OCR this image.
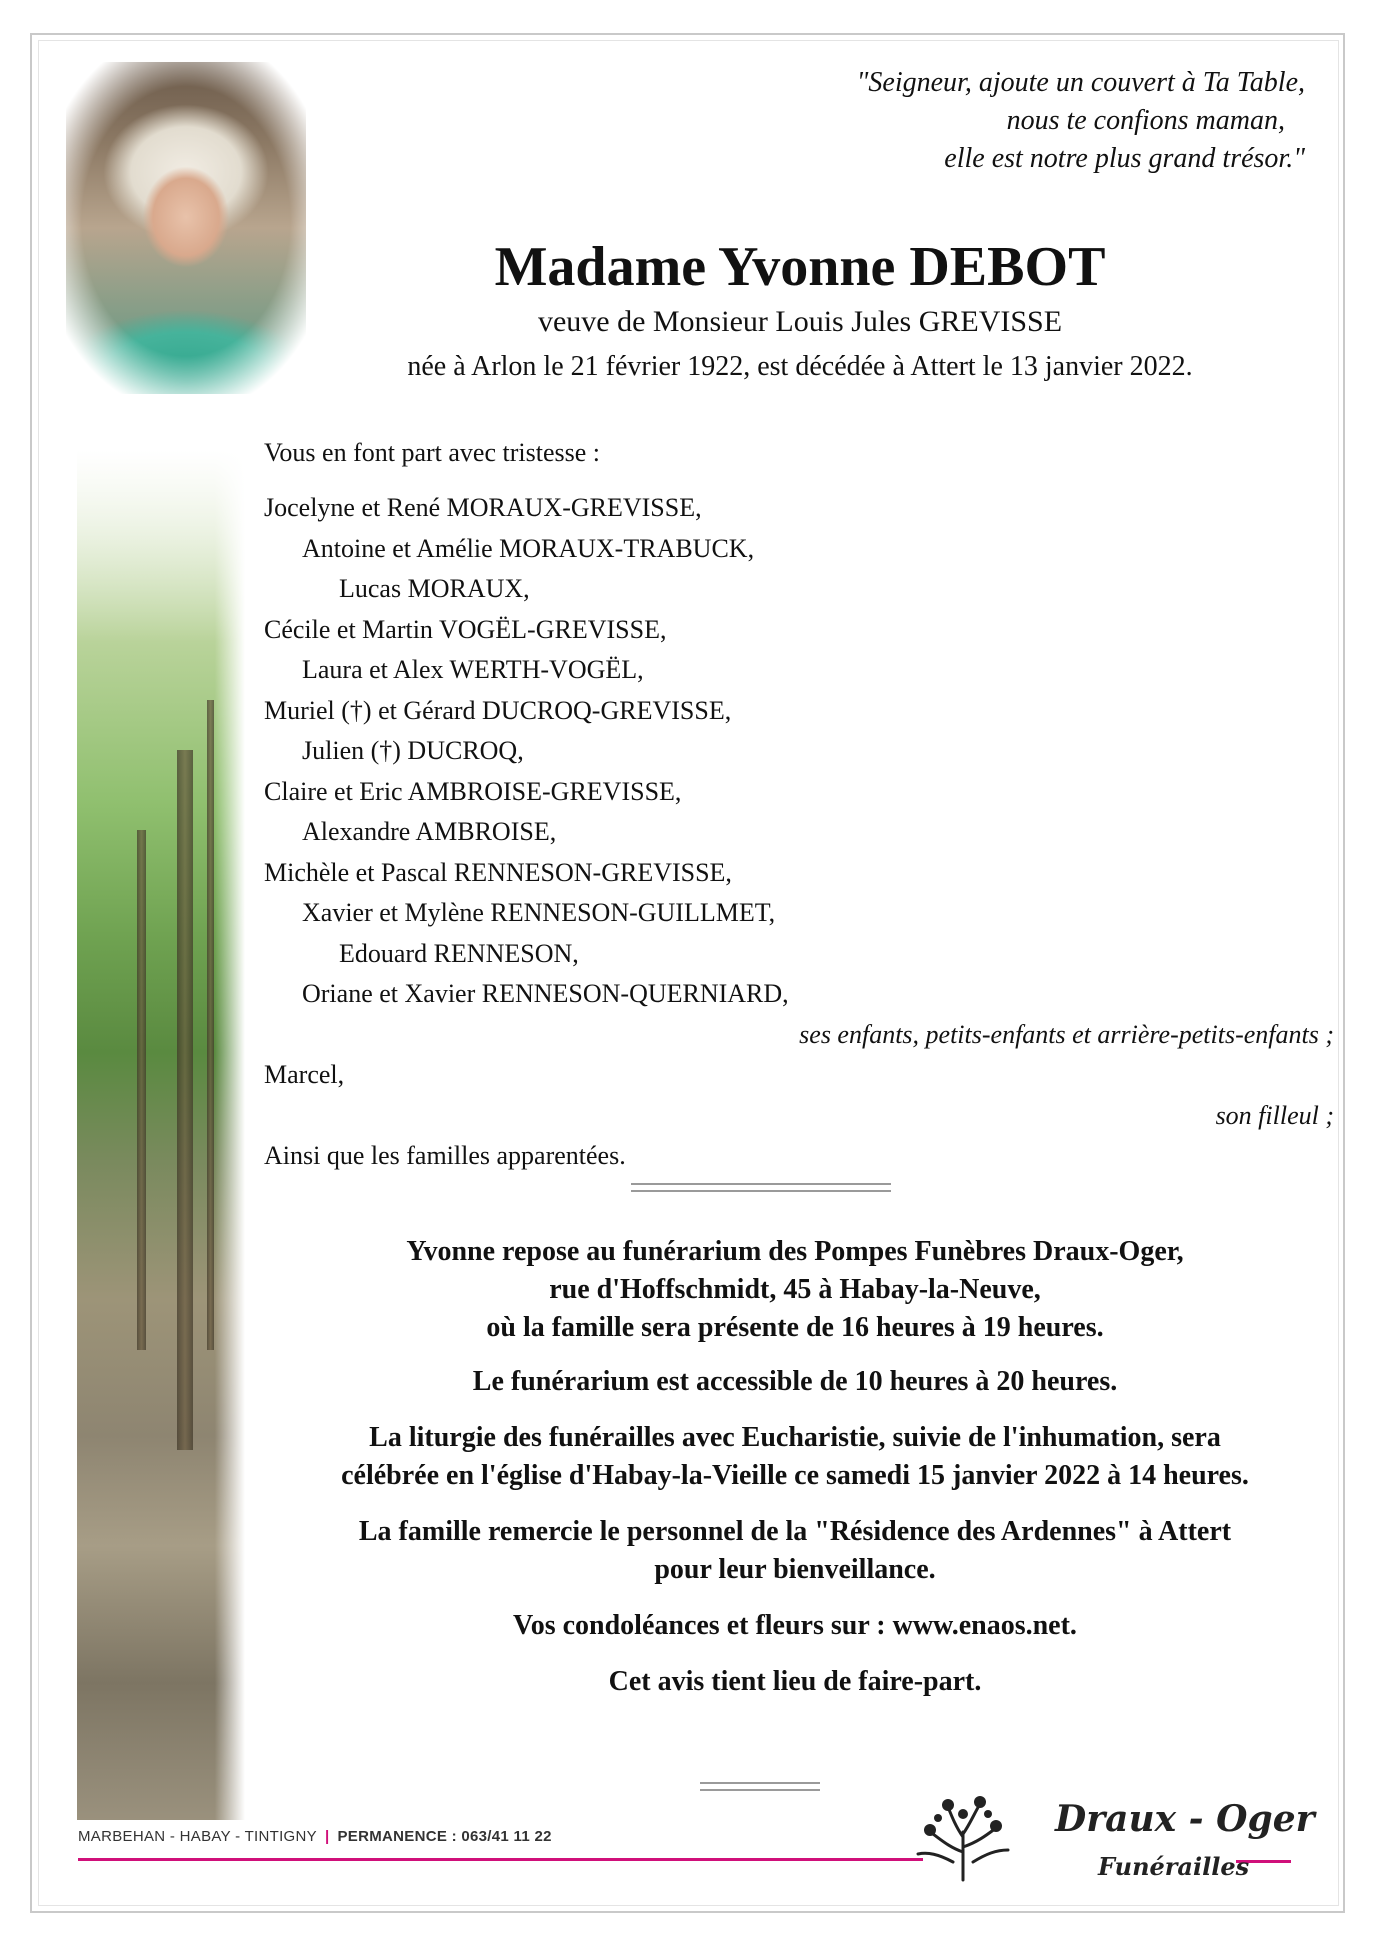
"Seigneur, ajoute un couvert à Ta Table,
nous te confions maman,
elle est notre plus grand trésor."
Madame Yvonne DEBOT
veuve de Monsieur Louis Jules GREVISSE
née à Arlon le 21 février 1922, est décédée à Attert le 13 janvier 2022.
Vous en font part avec tristesse :
Jocelyne et René MORAUX-GREVISSE,
Antoine et Amélie MORAUX-TRABUCK,
Lucas MORAUX,
Cécile et Martin VOGËL-GREVISSE,
Laura et Alex WERTH-VOGËL,
Muriel (†) et Gérard DUCROQ-GREVISSE,
Julien (†) DUCROQ,
Claire et Eric AMBROISE-GREVISSE,
Alexandre AMBROISE,
Michèle et Pascal RENNESON-GREVISSE,
Xavier et Mylène RENNESON-GUILLMET,
Edouard RENNESON,
Oriane et Xavier RENNESON-QUERNIARD,
ses enfants, petits-enfants et arrière-petits-enfants ;
Marcel,
son filleul ;
Ainsi que les familles apparentées.
Yvonne repose au funérarium des Pompes Funèbres Draux-Oger,
rue d'Hoffschmidt, 45 à Habay-la-Neuve,
où la famille sera présente de 16 heures à 19 heures.
Le funérarium est accessible de 10 heures à 20 heures.
La liturgie des funérailles avec Eucharistie, suivie de l'inhumation, sera
célébrée en l'église d'Habay-la-Vieille ce samedi 15 janvier 2022 à 14 heures.
La famille remercie le personnel de la "Résidence des Ardennes" à Attert
pour leur bienveillance.
Vos condoléances et fleurs sur : www.enaos.net.
Cet avis tient lieu de faire-part.
MARBEHAN - HABAY - TINTIGNY | PERMANENCE : 063/41 11 22	Draux - Oger
Funérailles
